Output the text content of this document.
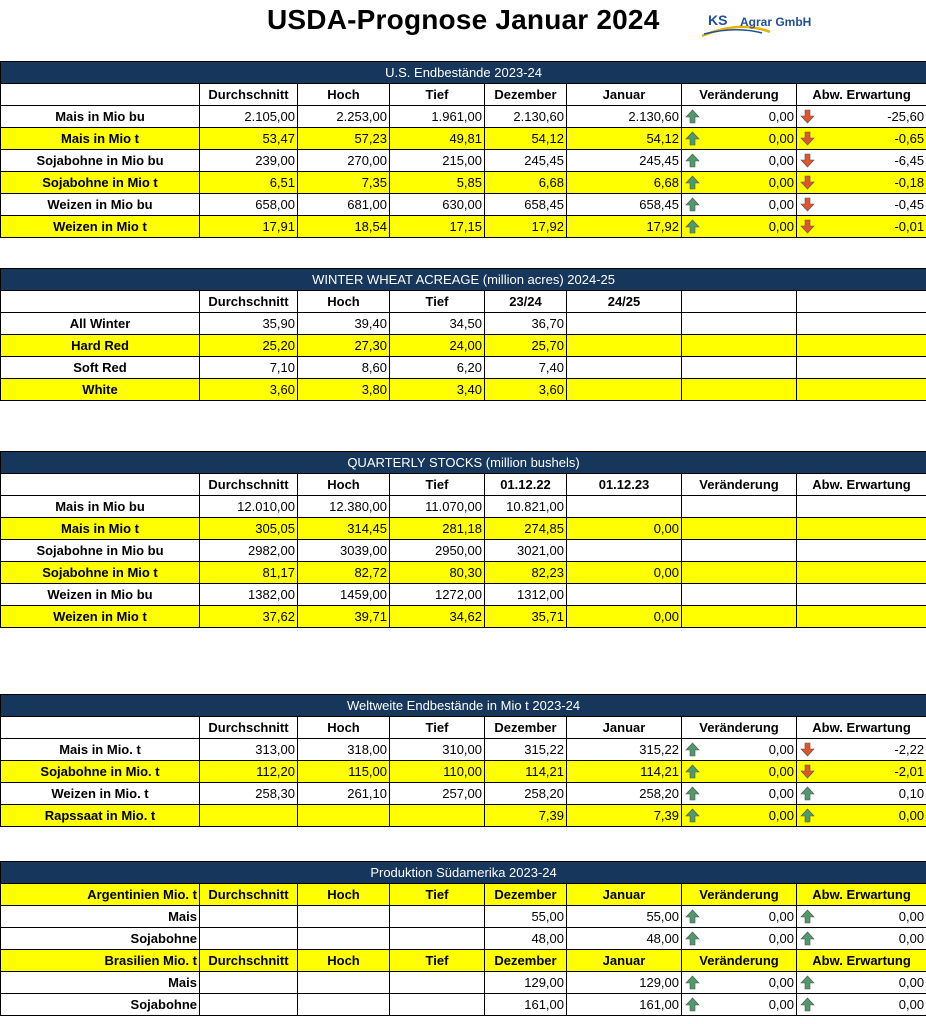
USDA-Prognose Januar 2024	KS Agrar GmbH
U.S. Endbestände 2023-24							
	Durchschnitt	Hoch	Tief	Dezember	Januar	Veränderung	Abw. Erwartung
Mais in Mio bu	2.105,00	2.253,00	1.961,00	2.130,60	2.130,60	0,00	-25,60
Mais in Mio t	53,47	57,23	49,81	54,12	54,12	0,00	-0,65
Sojabohne in Mio bu	239,00	270,00	215,00	245,45	245,45	0,00	-6,45
Sojabohne in Mio t	6,51	7,35	5,85	6,68	6,68	0,00	-0,18
Weizen in Mio bu	658,00	681,00	630,00	658,45	658,45	0,00	-0,45
Weizen in Mio t	17,91	18,54	17,15	17,92	17,92	0,00	-0,01
WINTER WHEAT ACREAGE (million acres) 2024-25							
	Durchschnitt	Hoch	Tief	23/24	24/25		
All Winter	35,90	39,40	34,50	36,70			
Hard Red	25,20	27,30	24,00	25,70			
Soft Red	7,10	8,60	6,20	7,40			
White	3,60	3,80	3,40	3,60			
QUARTERLY STOCKS (million bushels)							
	Durchschnitt	Hoch	Tief	01.12.22	01.12.23	Veränderung	Abw. Erwartung
Mais in Mio bu	12.010,00	12.380,00	11.070,00	10.821,00			
Mais in Mio t	305,05	314,45	281,18	274,85	0,00		
Sojabohne in Mio bu	2982,00	3039,00	2950,00	3021,00			
Sojabohne in Mio t	81,17	82,72	80,30	82,23	0,00		
Weizen in Mio bu	1382,00	1459,00	1272,00	1312,00			
Weizen in Mio t	37,62	39,71	34,62	35,71	0,00		
Weltweite Endbestände in Mio t 2023-24							
	Durchschnitt	Hoch	Tief	Dezember	Januar	Veränderung	Abw. Erwartung
Mais in Mio. t	313,00	318,00	310,00	315,22	315,22	0,00	-2,22
Sojabohne in Mio. t	112,20	115,00	110,00	114,21	114,21	0,00	-2,01
Weizen in Mio. t	258,30	261,10	257,00	258,20	258,20	0,00	0,10
Rapssaat in Mio. t				7,39	7,39	0,00	0,00
Produktion Südamerika 2023-24							
Argentinien Mio. t	Durchschnitt	Hoch	Tief	Dezember	Januar	Veränderung	Abw. Erwartung
Mais				55,00	55,00	0,00	0,00
Sojabohne				48,00	48,00	0,00	0,00
Brasilien Mio. t	Durchschnitt	Hoch	Tief	Dezember	Januar	Veränderung	Abw. Erwartung
Mais				129,00	129,00	0,00	0,00
Sojabohne				161,00	161,00	0,00	0,00
